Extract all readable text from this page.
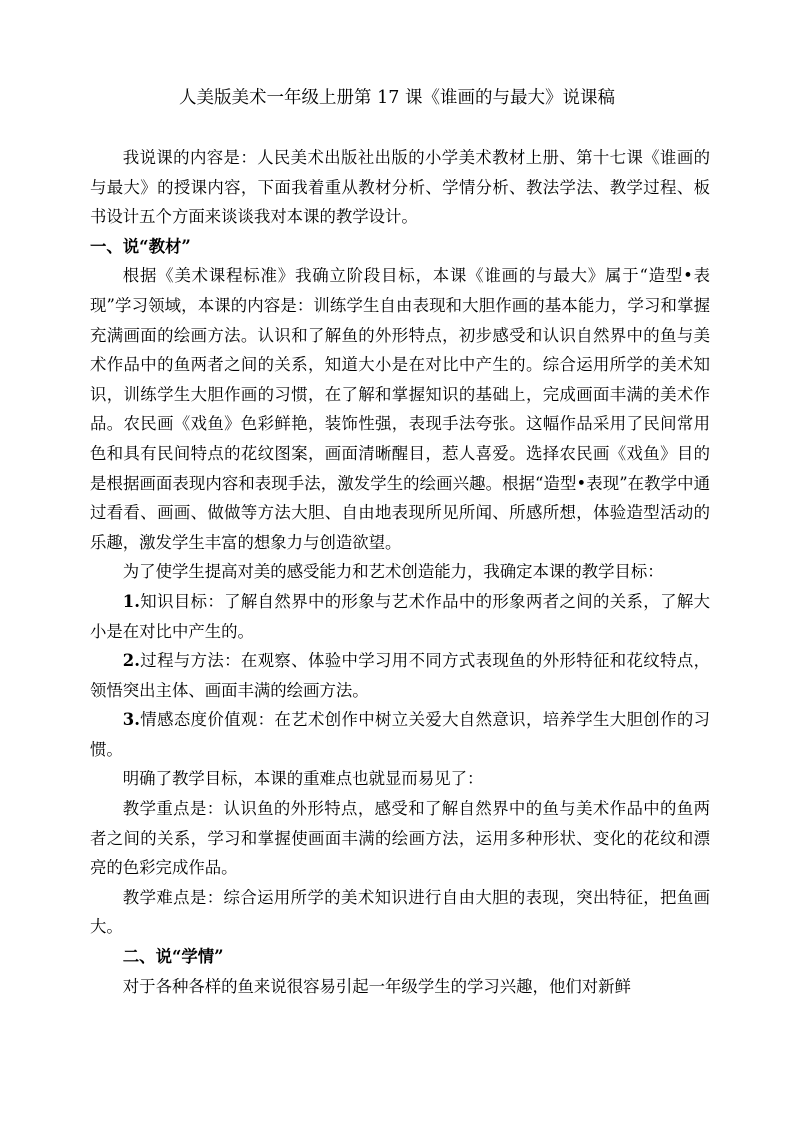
人美版美术一年级上册第 17 课《谁画的与最大》说课稿

我说课的内容是：人民美术出版社出版的小学美术教材上册、第十七课《谁画的与最大》的授课内容，下面我着重从教材分析、学情分析、教法学法、教学过程、板书设计五个方面来谈谈我对本课的教学设计。

一、说“教材”

根据《美术课程标准》我确立阶段目标，本课《谁画的与最大》属于“造型•表现”学习领域，本课的内容是：训练学生自由表现和大胆作画的基本能力，学习和掌握充满画面的绘画方法。认识和了解鱼的外形特点，初步感受和认识自然界中的鱼与美术作品中的鱼两者之间的关系，知道大小是在对比中产生的。综合运用所学的美术知识，训练学生大胆作画的习惯，在了解和掌握知识的基础上，完成画面丰满的美术作品。农民画《戏鱼》色彩鲜艳，装饰性强，表现手法夸张。这幅作品采用了民间常用色和具有民间特点的花纹图案，画面清晰醒目，惹人喜爱。选择农民画《戏鱼》目的是根据画面表现内容和表现手法，激发学生的绘画兴趣。根据“造型•表现”在教学中通过看看、画画、做做等方法大胆、自由地表现所见所闻、所感所想，体验造型活动的乐趣，激发学生丰富的想象力与创造欲望。

为了使学生提高对美的感受能力和艺术创造能力，我确定本课的教学目标：

1.知识目标：了解自然界中的形象与艺术作品中的形象两者之间的关系，了解大小是在对比中产生的。

2.过程与方法：在观察、体验中学习用不同方式表现鱼的外形特征和花纹特点，领悟突出主体、画面丰满的绘画方法。

3.情感态度价值观：在艺术创作中树立关爱大自然意识，培养学生大胆创作的习惯。

明确了教学目标，本课的重难点也就显而易见了：

教学重点是：认识鱼的外形特点，感受和了解自然界中的鱼与美术作品中的鱼两者之间的关系，学习和掌握使画面丰满的绘画方法，运用多种形状、变化的花纹和漂亮的色彩完成作品。

教学难点是：综合运用所学的美术知识进行自由大胆的表现，突出特征，把鱼画大。

二、说“学情”

对于各种各样的鱼来说很容易引起一年级学生的学习兴趣，他们对新鲜
